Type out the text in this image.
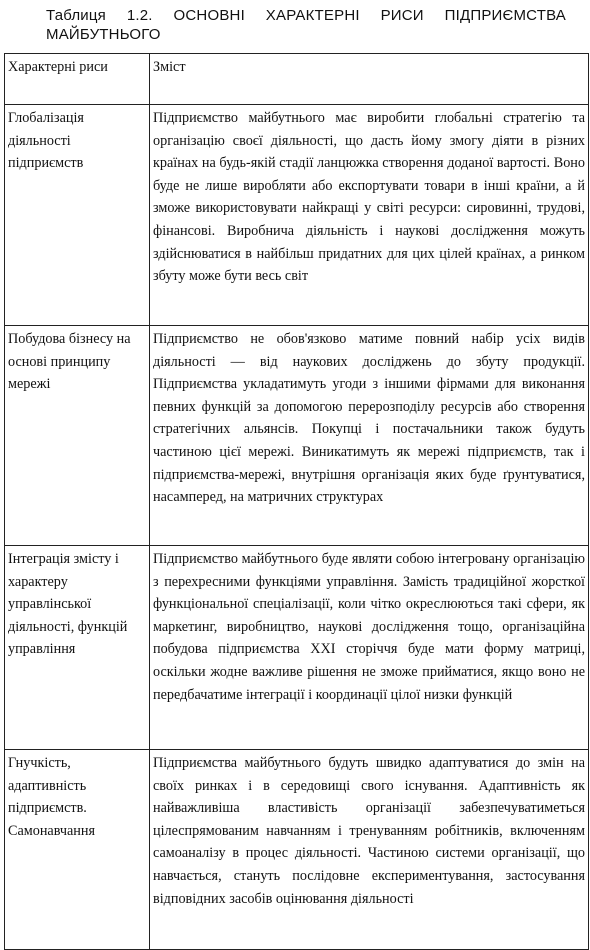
Таблиця 1.2. ОСНОВНІ ХАРАКТЕРНІ РИСИ ПІДПРИЄМСТВА
МАЙБУТНЬОГО
Характерні риси	Зміст
Глобалізація діяльності підприємств	Підприємство майбутнього має виробити глобальні стратегію та організацію своєї діяльності, що дасть йому змогу діяти в різних країнах на будь-якій стадії ланцюжка створення доданої вартості. Воно буде не лише виробляти або експортувати товари в інші країни, а й зможе використовувати найкращі у світі ресурси: сировинні, трудові, фінансові. Виробнича діяльність і наукові дослідження можуть здійснюватися в найбільш придатних для цих цілей країнах, а ринком збуту може бути весь світ
Побудова бізнесу на основі принципу мережі	Підприємство не обов'язково матиме повний набір усіх видів діяльності — від наукових досліджень до збуту продукції. Підприємства укладатимуть угоди з іншими фірмами для виконання певних функцій за допомогою перерозподілу ресурсів або створення стратегічних альянсів. Покупці і постачальники також будуть частиною цієї мережі. Виникатимуть як мережі підприємств, так і підприємства-мережі, внутрішня організація яких буде ґрунтуватися, насамперед, на матричних структурах
Інтеграція змісту і характеру управлінської діяльності, функцій управління	Підприємство майбутнього буде являти собою інтегровану організацію з перехресними функціями управління. Замість традиційної жорсткої функціональної спеціалізації, коли чітко окреслюються такі сфери, як маркетинг, виробництво, наукові дослідження тощо, організаційна побудова підприємства XXI сторіччя буде мати форму матриці, оскільки жодне важливе рішення не зможе прийматися, якщо воно не передбачатиме інтеграції і координації цілої низки функцій
Гнучкість, адаптивність підприємств. Самонавчання	Підприємства майбутнього будуть швидко адаптуватися до змін на своїх ринках і в середовищі свого існування. Адаптивність як найважливіша властивість організації забезпечуватиметься цілеспрямованим навчанням і тренуванням робітників, включенням самоаналізу в процес діяльності. Частиною системи організації, що навчається, стануть послідовне експериментування, застосування відповідних засобів оцінювання діяльності
